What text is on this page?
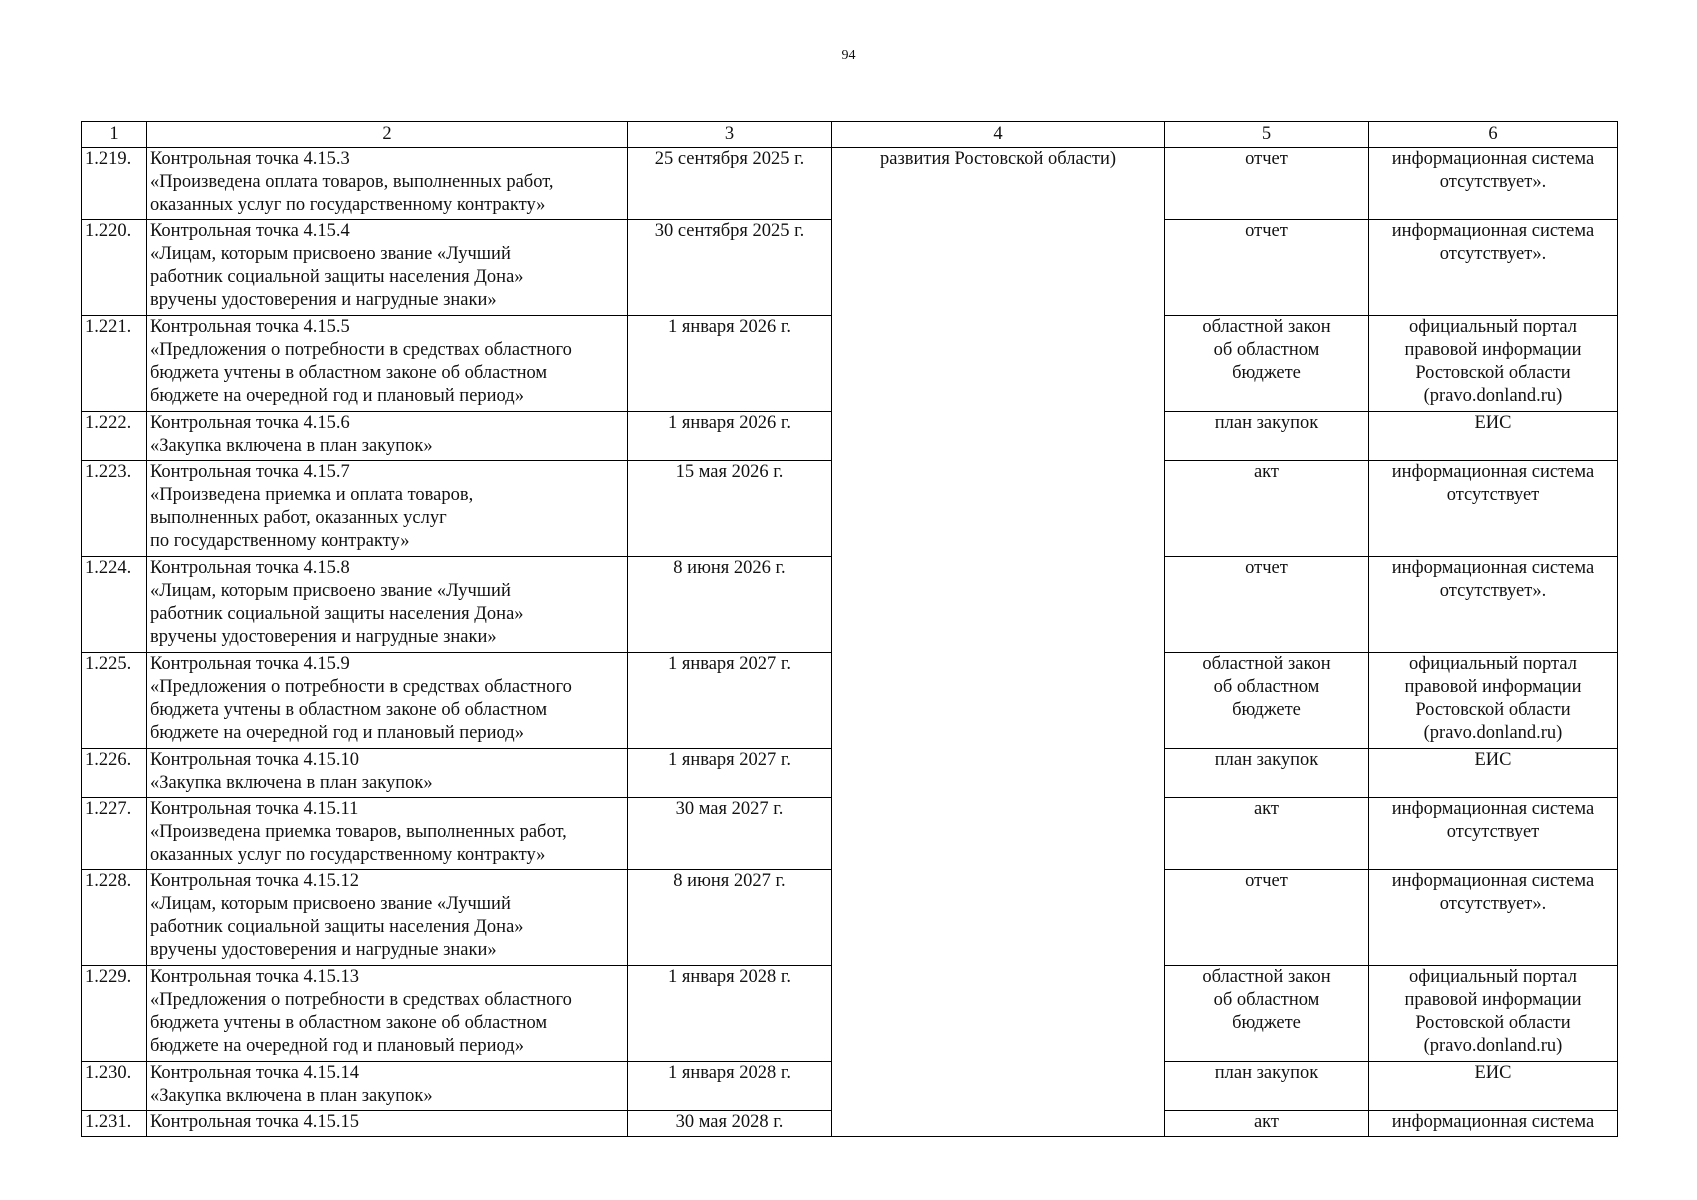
94
1	2	3	4	5	6
1.219.	Контрольная точка 4.15.3
«Произведена оплата товаров, выполненных работ,
оказанных услуг по государственному контракту»	25 сентября 2025 г.	развития Ростовской области)	отчет	информационная система
отсутствует».

1.220.	Контрольная точка 4.15.4
«Лицам, которым присвоено звание «Лучший
работник социальной защиты населения Дона»
вручены удостоверения и нагрудные знаки»	30 сентября 2025 г.		отчет	информационная система
отсутствует».

1.221.	Контрольная точка 4.15.5
«Предложения о потребности в средствах областного
бюджета учтены в областном законе об областном
бюджете на очередной год и плановый период»	1 января 2026 г.		областной закон
об областном
бюджете	официальный портал
правовой информации
Ростовской области
(pravo.donland.ru)

1.222.	Контрольная точка 4.15.6
«Закупка включена в план закупок»	1 января 2026 г.		план закупок	ЕИС

1.223.	Контрольная точка 4.15.7
«Произведена приемка и оплата товаров,
выполненных работ, оказанных услуг
по государственному контракту»	15 мая 2026 г.		акт	информационная система
отсутствует

1.224.	Контрольная точка 4.15.8
«Лицам, которым присвоено звание «Лучший
работник социальной защиты населения Дона»
вручены удостоверения и нагрудные знаки»	8 июня 2026 г.		отчет	информационная система
отсутствует».

1.225.	Контрольная точка 4.15.9
«Предложения о потребности в средствах областного
бюджета учтены в областном законе об областном
бюджете на очередной год и плановый период»	1 января 2027 г.		областной закон
об областном
бюджете	официальный портал
правовой информации
Ростовской области
(pravo.donland.ru)

1.226.	Контрольная точка 4.15.10
«Закупка включена в план закупок»	1 января 2027 г.		план закупок	ЕИС

1.227.	Контрольная точка 4.15.11
«Произведена приемка товаров, выполненных работ,
оказанных услуг по государственному контракту»	30 мая 2027 г.		акт	информационная система
отсутствует

1.228.	Контрольная точка 4.15.12
«Лицам, которым присвоено звание «Лучший
работник социальной защиты населения Дона»
вручены удостоверения и нагрудные знаки»	8 июня 2027 г.		отчет	информационная система
отсутствует».

1.229.	Контрольная точка 4.15.13
«Предложения о потребности в средствах областного
бюджета учтены в областном законе об областном
бюджете на очередной год и плановый период»	1 января 2028 г.		областной закон
об областном
бюджете	официальный портал
правовой информации
Ростовской области
(pravo.donland.ru)

1.230.	Контрольная точка 4.15.14
«Закупка включена в план закупок»	1 января 2028 г.		план закупок	ЕИС

1.231.	Контрольная точка 4.15.15	30 мая 2028 г.		акт	информационная система
